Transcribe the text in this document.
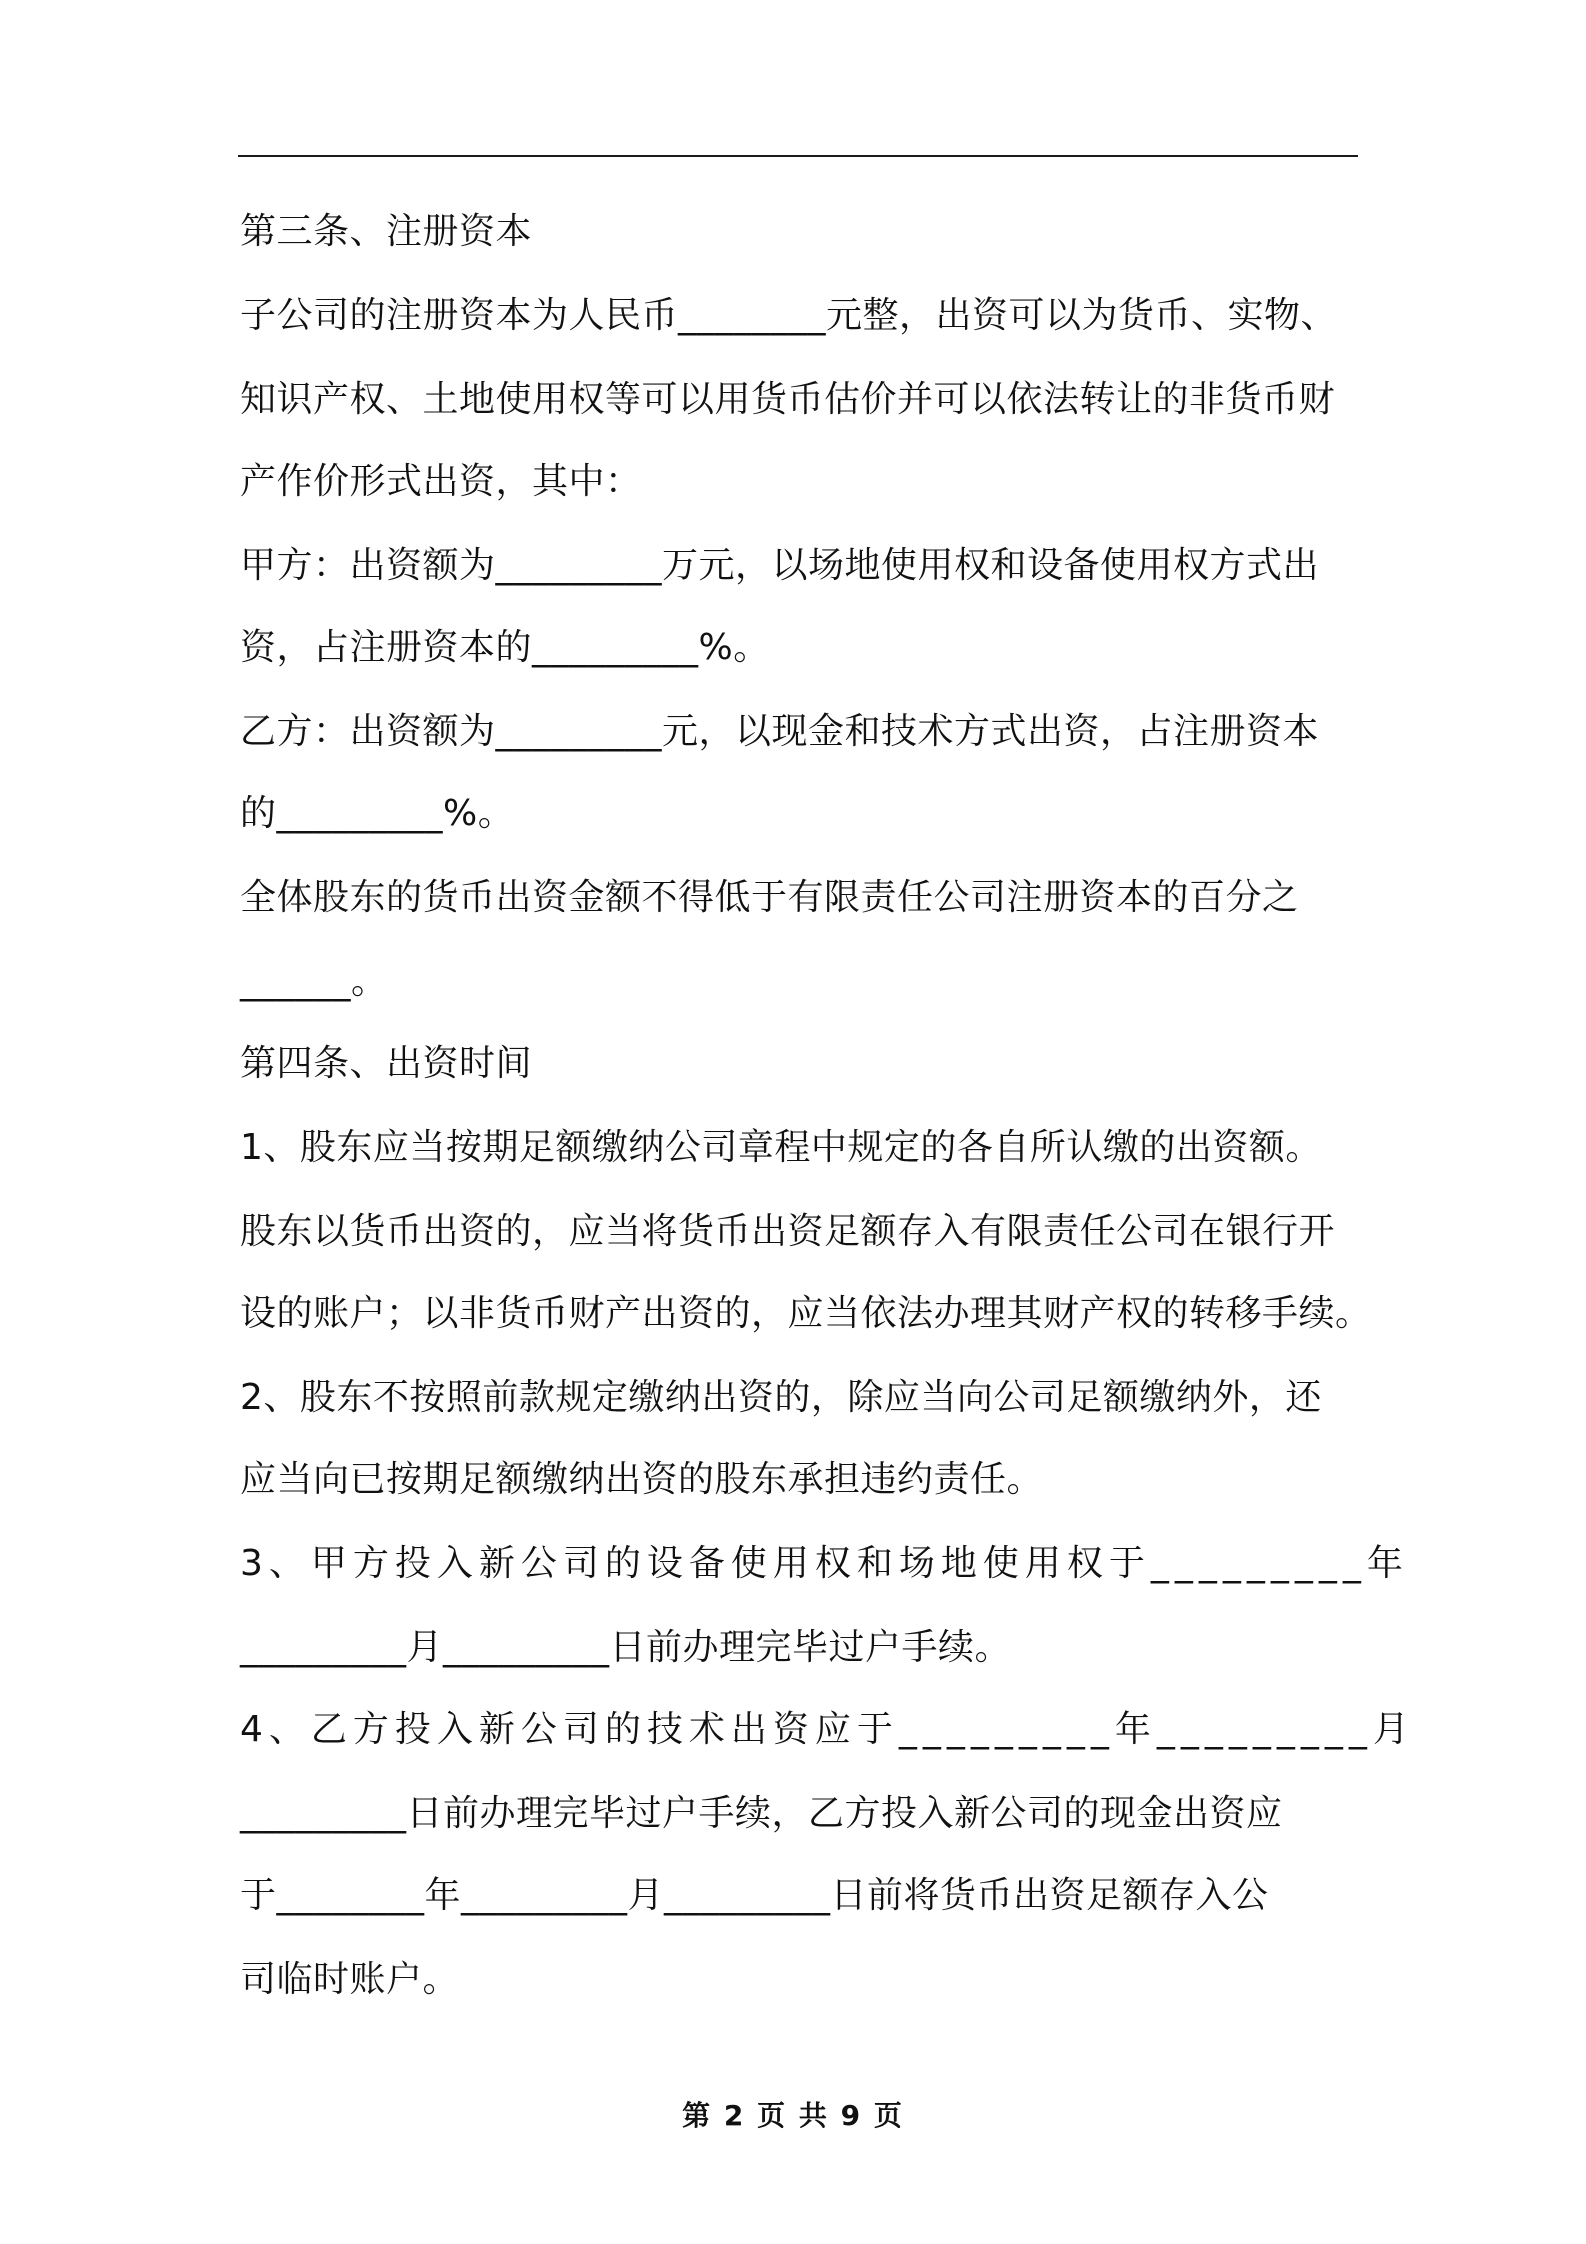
第三条、注册资本
子公司的注册资本为人民币________元整，出资可以为货币、实物、
知识产权、土地使用权等可以用货币估价并可以依法转让的非货币财
产作价形式出资，其中：
甲方：出资额为_________万元，以场地使用权和设备使用权方式出
资，占注册资本的_________%。
乙方：出资额为_________元，以现金和技术方式出资，占注册资本
的_________%。
全体股东的货币出资金额不得低于有限责任公司注册资本的百分之
______。
第四条、出资时间
1、股东应当按期足额缴纳公司章程中规定的各自所认缴的出资额。
股东以货币出资的，应当将货币出资足额存入有限责任公司在银行开
设的账户；以非货币财产出资的，应当依法办理其财产权的转移手续。
2、股东不按照前款规定缴纳出资的，除应当向公司足额缴纳外，还
应当向已按期足额缴纳出资的股东承担违约责任。
3、甲方投入新公司的设备使用权和场地使用权于_________年
_________月_________日前办理完毕过户手续。
4、乙方投入新公司的技术出资应于_________年_________月
_________日前办理完毕过户手续，乙方投入新公司的现金出资应
于________年_________月_________日前将货币出资足额存入公
司临时账户。
第 2 页 共 9 页
